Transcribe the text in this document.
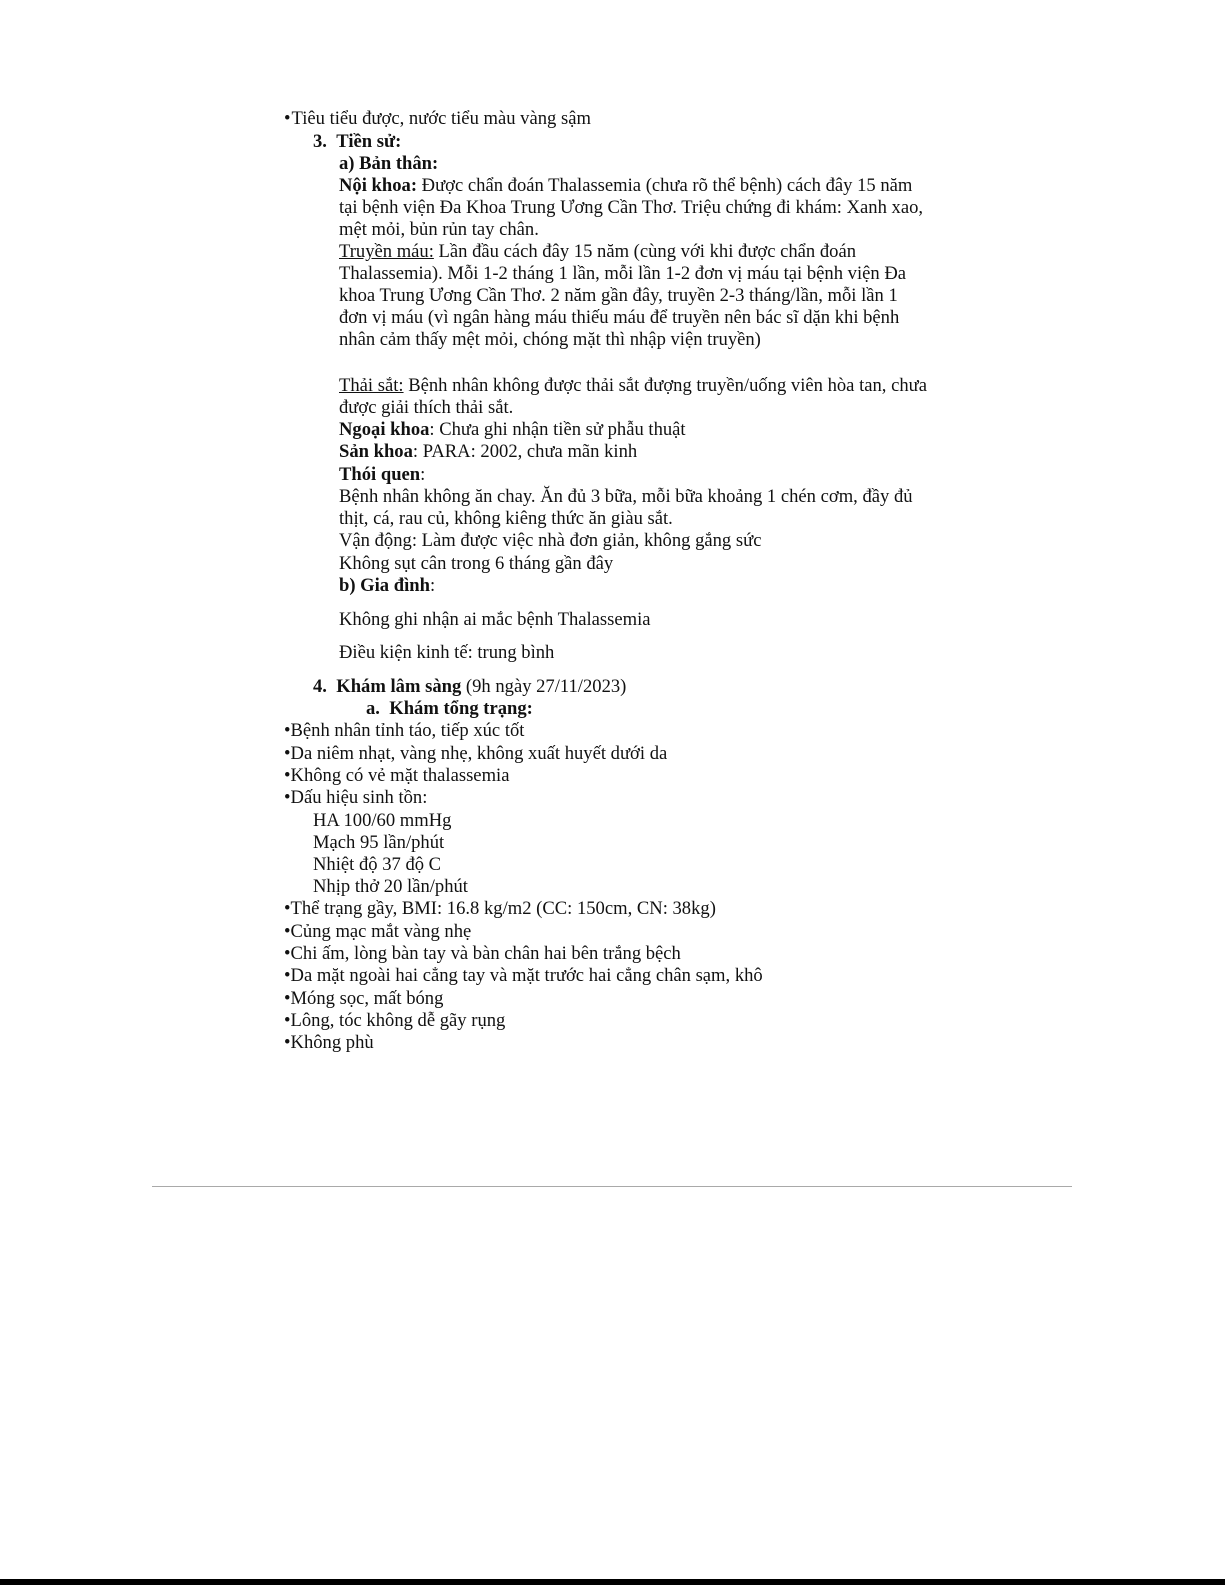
•Tiêu tiểu được, nước tiểu màu vàng sậm

3. Tiền sử:

a) Bản thân:

Nội khoa: Được chẩn đoán Thalassemia (chưa rõ thể bệnh) cách đây 15 năm

tại bệnh viện Đa Khoa Trung Ương Cần Thơ. Triệu chứng đi khám: Xanh xao,

mệt mỏi, bủn rủn tay chân.

Truyền máu: Lần đầu cách đây 15 năm (cùng với khi được chẩn đoán

Thalassemia). Mỗi 1-2 tháng 1 lần, mỗi lần 1-2 đơn vị máu tại bệnh viện Đa

khoa Trung Ương Cần Thơ. 2 năm gần đây, truyền 2-3 tháng/lần, mỗi lần 1

đơn vị máu (vì ngân hàng máu thiếu máu để truyền nên bác sĩ dặn khi bệnh

nhân cảm thấy mệt mỏi, chóng mặt thì nhập viện truyền)

Thải sắt: Bệnh nhân không được thải sắt đượng truyền/uống viên hòa tan, chưa

được giải thích thải sắt.

Ngoại khoa: Chưa ghi nhận tiền sử phẫu thuật

Sản khoa: PARA: 2002, chưa mãn kinh

Thói quen:

Bệnh nhân không ăn chay. Ăn đủ 3 bữa, mỗi bữa khoảng 1 chén cơm, đầy đủ

thịt, cá, rau củ, không kiêng thức ăn giàu sắt.

Vận động: Làm được việc nhà đơn giản, không gắng sức

Không sụt cân trong 6 tháng gần đây

b) Gia đình:

Không ghi nhận ai mắc bệnh Thalassemia

Điều kiện kinh tế: trung bình

4. Khám lâm sàng (9h ngày 27/11/2023)

a. Khám tổng trạng:

•Bệnh nhân tỉnh táo, tiếp xúc tốt

•Da niêm nhạt, vàng nhẹ, không xuất huyết dưới da

•Không có vẻ mặt thalassemia

•Dấu hiệu sinh tồn:

HA 100/60 mmHg

Mạch 95 lần/phút

Nhiệt độ 37 độ C

Nhịp thở 20 lần/phút

•Thể trạng gầy, BMI: 16.8 kg/m2 (CC: 150cm, CN: 38kg)

•Củng mạc mắt vàng nhẹ

•Chi ấm, lòng bàn tay và bàn chân hai bên trắng bệch

•Da mặt ngoài hai cẳng tay và mặt trước hai cẳng chân sạm, khô

•Móng sọc, mất bóng

•Lông, tóc không dễ gãy rụng

•Không phù
